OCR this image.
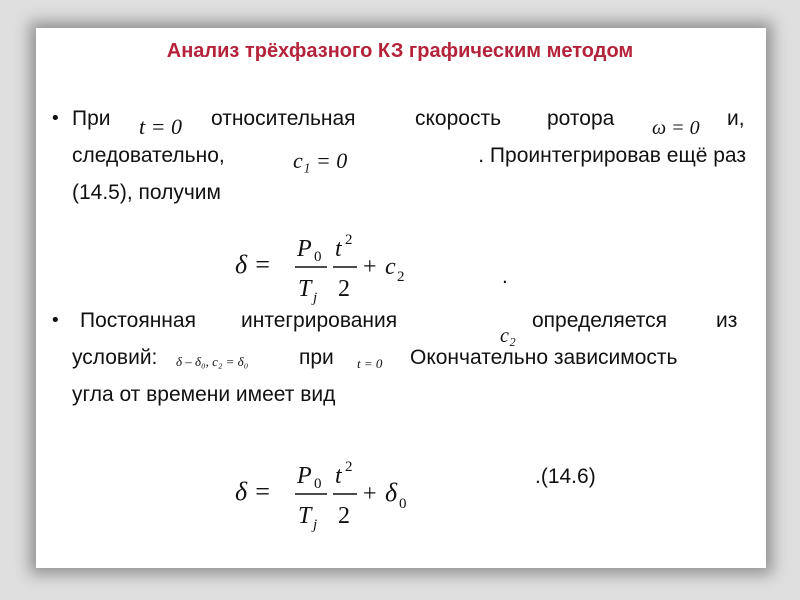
Анализ трёхфазного КЗ графическим методом
• При t = 0 относительная	скорость ротора ω = 0 и,
следовательно,	c₁ = 0	. Проинтегрировав ещё раз
(14.5), получим
δ =
P 0
T j
t 2
2
+ c 2	.
• Постоянная интегрирования
c₂
определяется из
условий: δ – δ₀, c₂ = δ₀ при t = 0 Окончательно зависимость
угла от времени имеет вид
δ =
P 0
T j
t 2
2
+ δ 0
.(14.6)
